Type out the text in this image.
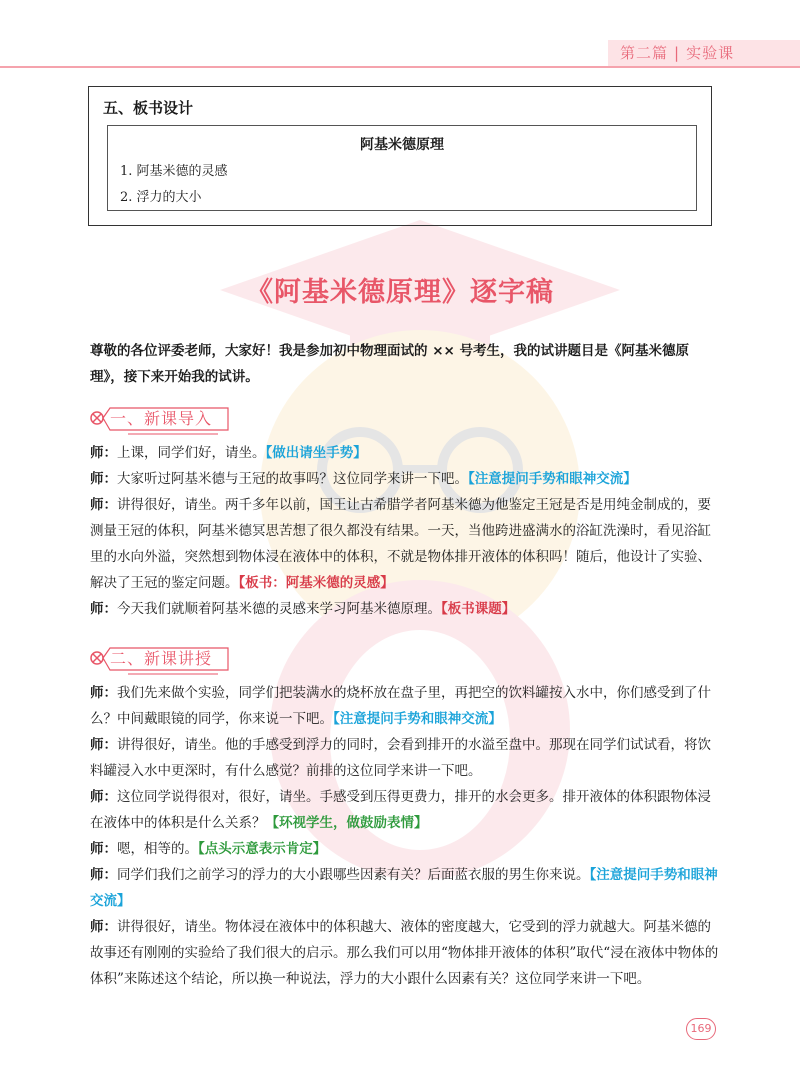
第二篇 | 实验课
五、板书设计
阿基米德原理
1. 阿基米德的灵感
2. 浮力的大小
《阿基米德原理》逐字稿
尊敬的各位评委老师，大家好！我是参加初中物理面试的 ×× 号考生，我的试讲题目是《阿基米德原理》，接下来开始我的试讲。
一、新课导入
师：上课，同学们好，请坐。【做出请坐手势】
师：大家听过阿基米德与王冠的故事吗？这位同学来讲一下吧。【注意提问手势和眼神交流】
师：讲得很好，请坐。两千多年以前，国王让古希腊学者阿基米德为他鉴定王冠是否是用纯金制成的，要测量王冠的体积，阿基米德冥思苦想了很久都没有结果。一天，当他跨进盛满水的浴缸洗澡时，看见浴缸里的水向外溢，突然想到物体浸在液体中的体积，不就是物体排开液体的体积吗！随后，他设计了实验、解决了王冠的鉴定问题。【板书：阿基米德的灵感】
师：今天我们就顺着阿基米德的灵感来学习阿基米德原理。【板书课题】
二、新课讲授
师：我们先来做个实验，同学们把装满水的烧杯放在盘子里，再把空的饮料罐按入水中，你们感受到了什么？中间戴眼镜的同学，你来说一下吧。【注意提问手势和眼神交流】
师：讲得很好，请坐。他的手感受到浮力的同时，会看到排开的水溢至盘中。那现在同学们试试看，将饮料罐浸入水中更深时，有什么感觉？前排的这位同学来讲一下吧。
师：这位同学说得很对，很好，请坐。手感受到压得更费力，排开的水会更多。排开液体的体积跟物体浸在液体中的体积是什么关系？【环视学生，做鼓励表情】
师：嗯，相等的。【点头示意表示肯定】
师：同学们我们之前学习的浮力的大小跟哪些因素有关？后面蓝衣服的男生你来说。【注意提问手势和眼神交流】
师：讲得很好，请坐。物体浸在液体中的体积越大、液体的密度越大，它受到的浮力就越大。阿基米德的故事还有刚刚的实验给了我们很大的启示。那么我们可以用“物体排开液体的体积”取代“浸在液体中物体的体积”来陈述这个结论，所以换一种说法，浮力的大小跟什么因素有关？这位同学来讲一下吧。
169
